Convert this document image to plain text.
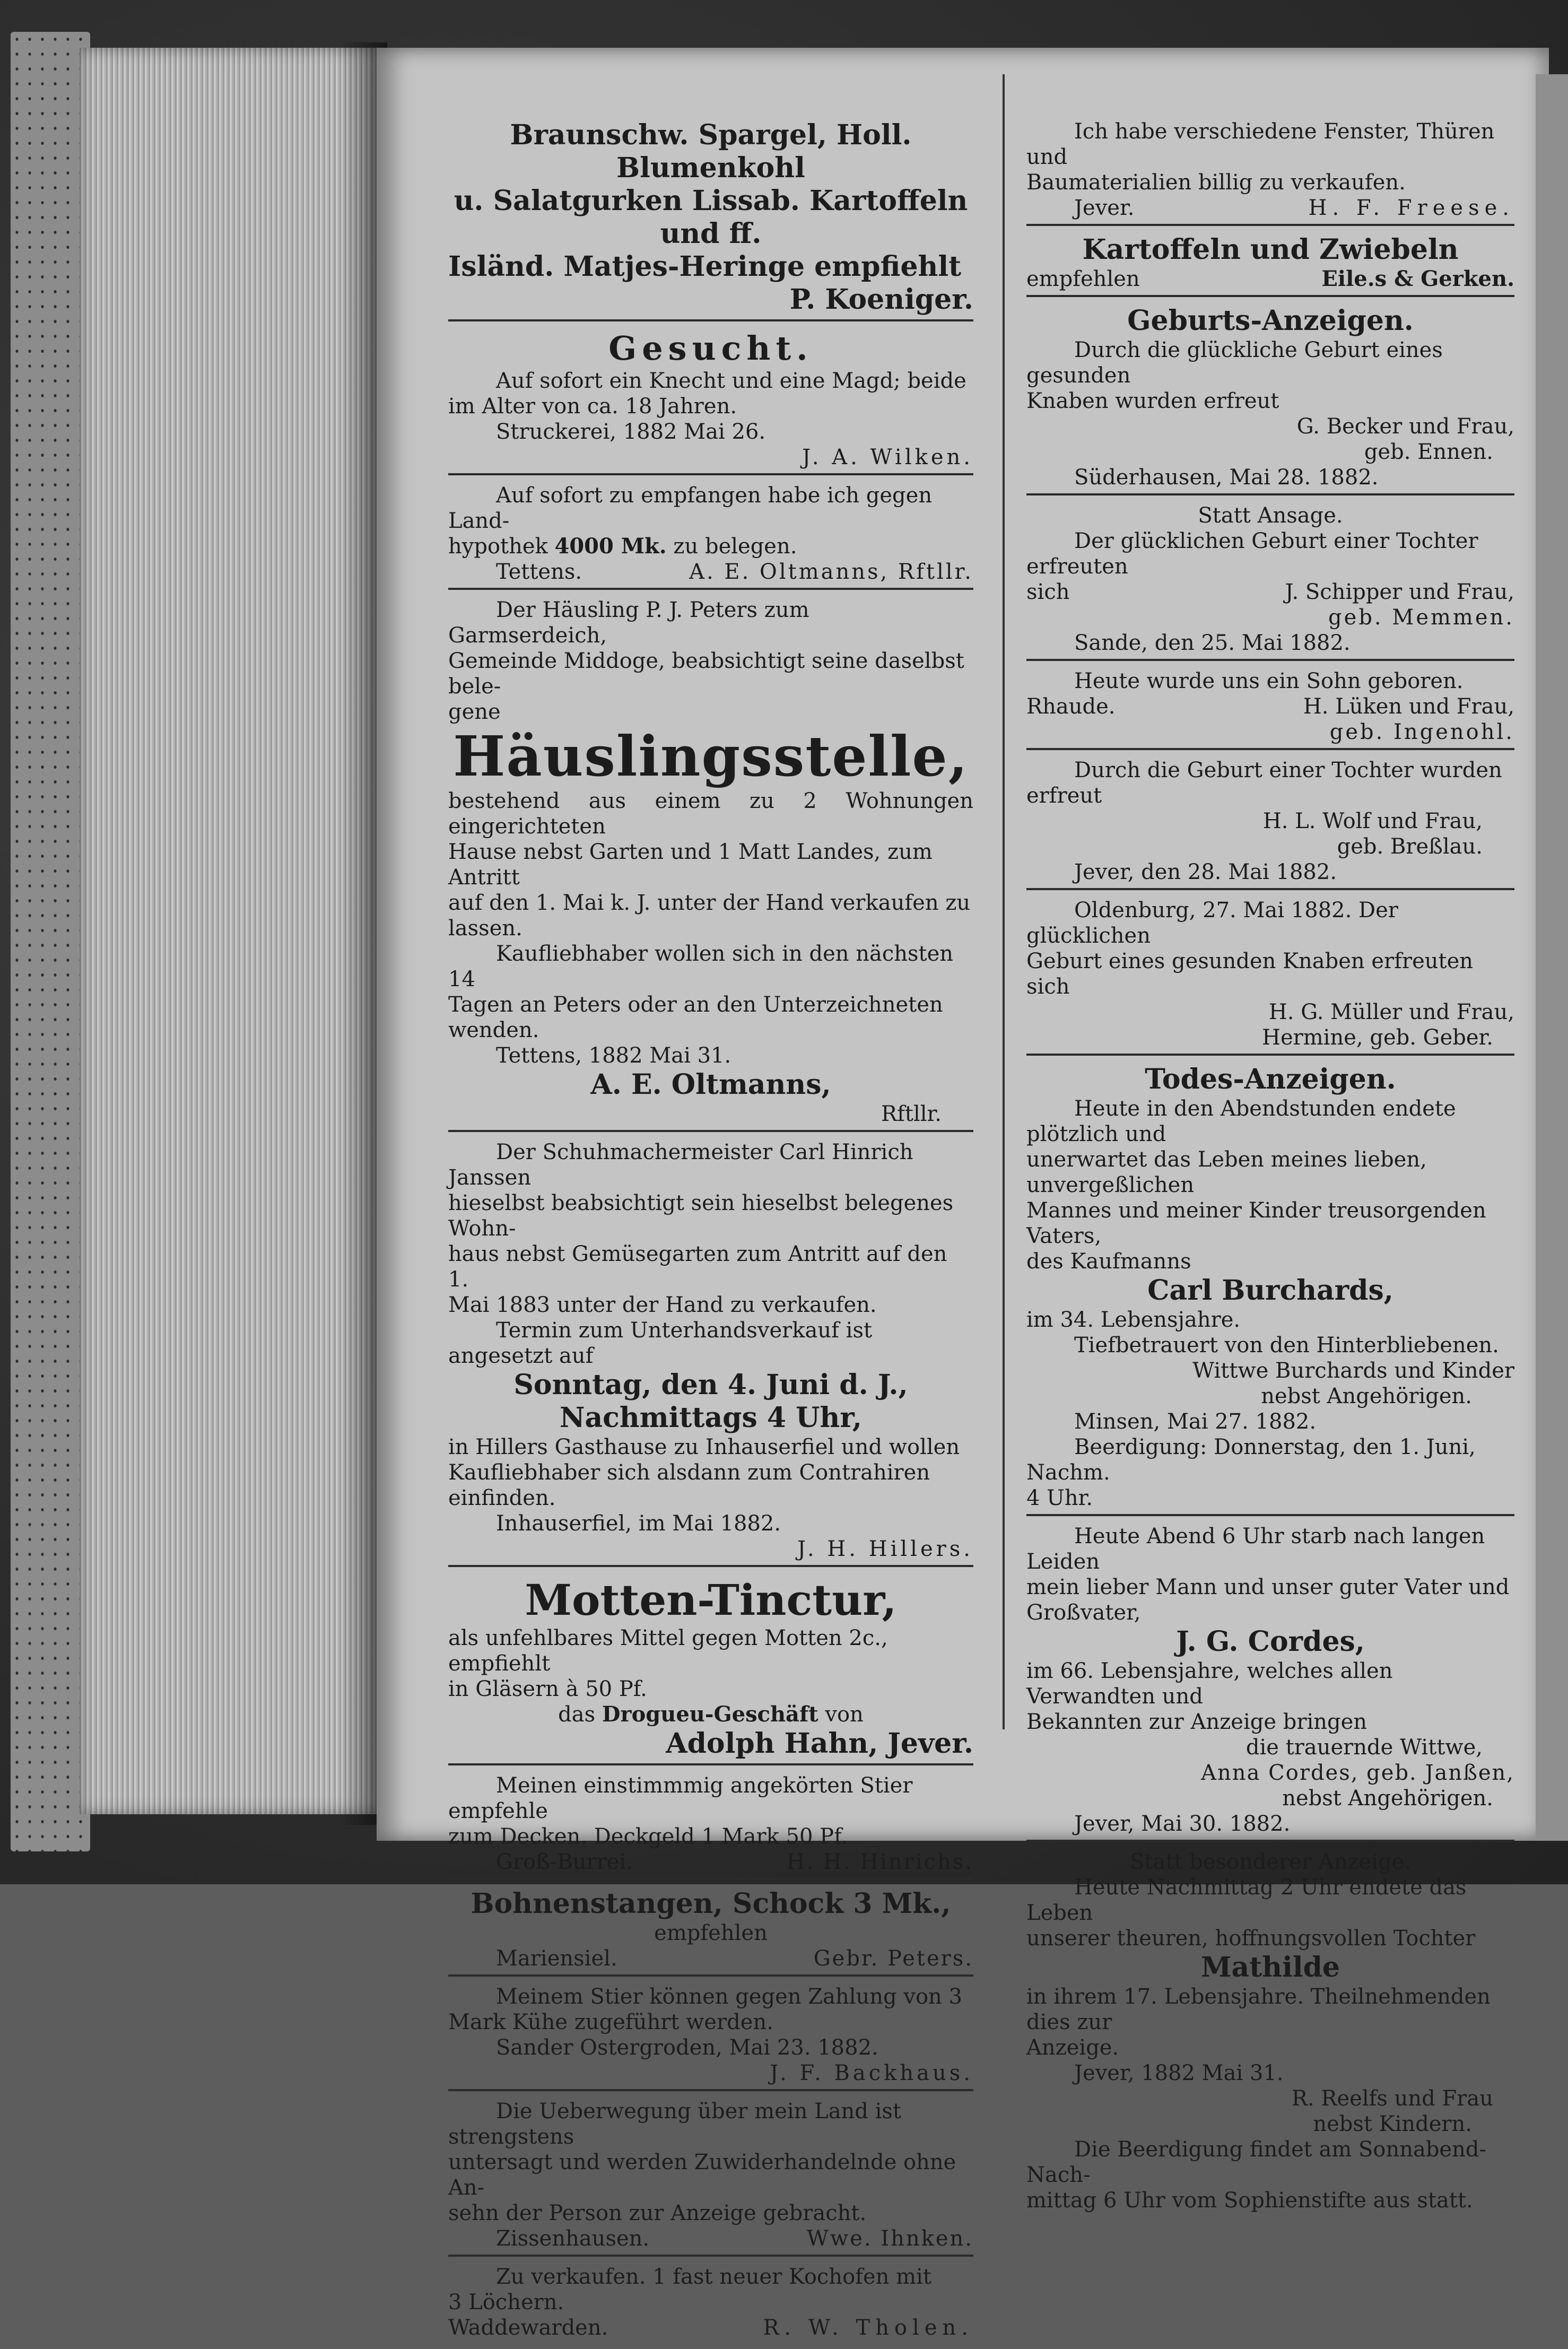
Braunschw. Spargel, Holl. Blumenkohl
u. Salatgurken Lissab. Kartoffeln und ff.
Isländ. Matjes-Heringe empfiehlt
P. Koeniger.
Gesucht.
Auf sofort ein Knecht und eine Magd; beide
im Alter von ca. 18 Jahren.
Struckerei, 1882 Mai 26.
J. A. Wilken.
Auf sofort zu empfangen habe ich gegen Land-
hypothek 4000 Mk. zu belegen.
Tettens.	A. E. Oltmanns, Rftllr.
Der Häusling P. J. Peters zum Garmserdeich,
Gemeinde Middoge, beabsichtigt seine daselbst bele-
gene
Häuslingsstelle,
bestehend aus einem zu 2 Wohnungen eingerichteten
Hause nebst Garten und 1 Matt Landes, zum Antritt
auf den 1. Mai k. J. unter der Hand verkaufen zu
lassen.
Kaufliebhaber wollen sich in den nächsten 14
Tagen an Peters oder an den Unterzeichneten wenden.
Tettens, 1882 Mai 31.
A. E. Oltmanns,
Rftllr.
Der Schuhmachermeister Carl Hinrich Janssen
hieselbst beabsichtigt sein hieselbst belegenes Wohn-
haus nebst Gemüsegarten zum Antritt auf den 1.
Mai 1883 unter der Hand zu verkaufen.
Termin zum Unterhandsverkauf ist angesetzt auf
Sonntag, den 4. Juni d. J.,
Nachmittags 4 Uhr,
in Hillers Gasthause zu Inhauserfiel und wollen
Kaufliebhaber sich alsdann zum Contrahiren einfinden.
Inhauserfiel, im Mai 1882.
J. H. Hillers.
Motten-Tinctur,
als unfehlbares Mittel gegen Motten 2c., empfiehlt
in Gläsern à 50 Pf.
das Drogueu-Geschäft von
Adolph Hahn, Jever.
Meinen einstimmmig angekörten Stier empfehle
zum Decken. Deckgeld 1 Mark 50 Pf.
Groß-Burrei.	H. H. Hinrichs.
Bohnenstangen, Schock 3 Mk.,
empfehlen
Mariensiel.	Gebr. Peters.
Meinem Stier können gegen Zahlung von 3
Mark Kühe zugeführt werden.
Sander Ostergroden, Mai 23. 1882.
J. F. Backhaus.
Die Ueberwegung über mein Land ist strengstens
untersagt und werden Zuwiderhandelnde ohne An-
sehn der Person zur Anzeige gebracht.
Zissenhausen.	Wwe. Ihnken.
Zu verkaufen. 1 fast neuer Kochofen mit
3 Löchern.
Waddewarden.	R. W. Tholen.
Ich habe verschiedene Fenster, Thüren und
Baumaterialien billig zu verkaufen.
Jever.	H. F. Freese.
Kartoffeln und Zwiebeln
empfehlen	Eile.s & Gerken.
Geburts-Anzeigen.
Durch die glückliche Geburt eines gesunden
Knaben wurden erfreut
G. Becker und Frau,
geb. Ennen.
Süderhausen, Mai 28. 1882.
Statt Ansage.
Der glücklichen Geburt einer Tochter erfreuten
sich	J. Schipper und Frau,
geb. Memmen.
Sande, den 25. Mai 1882.
Heute wurde uns ein Sohn geboren.
Rhaude.	H. Lüken und Frau,
geb. Ingenohl.
Durch die Geburt einer Tochter wurden erfreut
H. L. Wolf und Frau,
geb. Breßlau.
Jever, den 28. Mai 1882.
Oldenburg, 27. Mai 1882. Der glücklichen
Geburt eines gesunden Knaben erfreuten sich
H. G. Müller und Frau,
Hermine, geb. Geber.
Todes-Anzeigen.
Heute in den Abendstunden endete plötzlich und
unerwartet das Leben meines lieben, unvergeßlichen
Mannes und meiner Kinder treusorgenden Vaters,
des Kaufmanns
Carl Burchards,
im 34. Lebensjahre.
Tiefbetrauert von den Hinterbliebenen.
Wittwe Burchards und Kinder
nebst Angehörigen.
Minsen, Mai 27. 1882.
Beerdigung: Donnerstag, den 1. Juni, Nachm.
4 Uhr.
Heute Abend 6 Uhr starb nach langen Leiden
mein lieber Mann und unser guter Vater und
Großvater,
J. G. Cordes,
im 66. Lebensjahre, welches allen Verwandten und
Bekannten zur Anzeige bringen
die trauernde Wittwe,
Anna Cordes, geb. Janßen,
nebst Angehörigen.
Jever, Mai 30. 1882.
Statt besonderer Anzeige.
Heute Nachmittag 2 Uhr endete das Leben
unserer theuren, hoffnungsvollen Tochter
Mathilde
in ihrem 17. Lebensjahre. Theilnehmenden dies zur
Anzeige.
Jever, 1882 Mai 31.
R. Reelfs und Frau
nebst Kindern.
Die Beerdigung findet am Sonnabend-Nach-
mittag 6 Uhr vom Sophienstifte aus statt.
